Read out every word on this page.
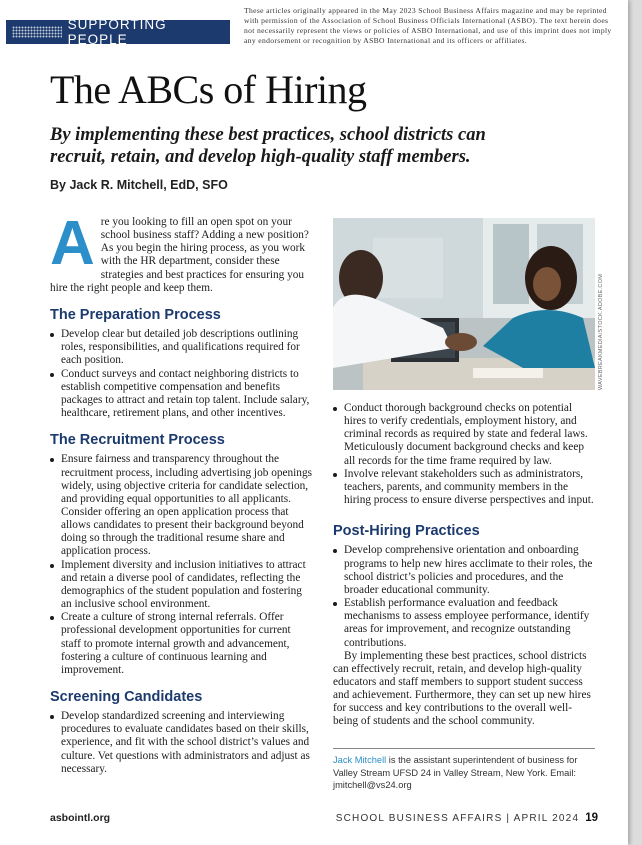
SUPPORTING PEOPLE
These articles originally appeared in the May 2023 School Business Affairs magazine and may be reprinted with permission of the Association of School Business Officials International (ASBO). The text herein does not necessarily represent the views or policies of ASBO International, and use of this imprint does not imply any endorsement or recognition by ASBO International and its officers or affiliates.
The ABCs of Hiring

By implementing these best practices, school districts can recruit, retain, and develop high-quality staff members.

By Jack R. Mitchell, EdD, SFO

Are you looking to fill an open spot on your school business staff? Adding a new position? As you begin the hiring process, as you work with the HR department, consider these strategies and best practices for ensuring you hire the right people and keep them.

The Preparation Process
Develop clear but detailed job descriptions outlining roles, responsibilities, and qualifications required for each position.
Conduct surveys and contact neighboring districts to establish competitive compensation and benefits packages to attract and retain top talent. Include salary, healthcare, retirement plans, and other incentives.
The Recruitment Process
Ensure fairness and transparency throughout the recruitment process, including advertising job openings widely, using objective criteria for candidate selection, and providing equal opportunities to all applicants. Consider offering an open application process that allows candidates to present their background beyond doing so through the traditional resume share and application process.
Implement diversity and inclusion initiatives to attract and retain a diverse pool of candidates, reflecting the demographics of the student population and fostering an inclusive school environment.
Create a culture of strong internal referrals. Offer professional development opportunities for current staff to promote internal growth and advancement, fostering a culture of continuous learning and improvement.
Screening Candidates
Develop standardized screening and interviewing procedures to evaluate candidates based on their skills, experience, and fit with the school district’s values and culture. Vet questions with administrators and adjust as necessary.
WAVEBREAKMEDIA/STOCK.ADOBE.COM
Conduct thorough background checks on potential hires to verify credentials, employment history, and criminal records as required by state and federal laws. Meticulously document background checks and keep all records for the time frame required by law.
Involve relevant stakeholders such as administrators, teachers, parents, and community members in the hiring process to ensure diverse perspectives and input.
Post-Hiring Practices
Develop comprehensive orientation and onboarding programs to help new hires acclimate to their roles, the school district’s policies and procedures, and the broader educational community.
Establish performance evaluation and feedback mechanisms to assess employee performance, identify areas for improvement, and recognize outstanding contributions.

By implementing these best practices, school districts can effectively recruit, retain, and develop high-quality educators and staff members to support student success and achievement. Furthermore, they can set up new hires for success and key contributions to the overall well-being of students and the school community.

Jack Mitchell is the assistant superintendent of business for Valley Stream UFSD 24 in Valley Stream, New York. Email: jmitchell@vs24.org
asbointl.org	SCHOOL BUSINESS AFFAIRS | APRIL 2024 19
